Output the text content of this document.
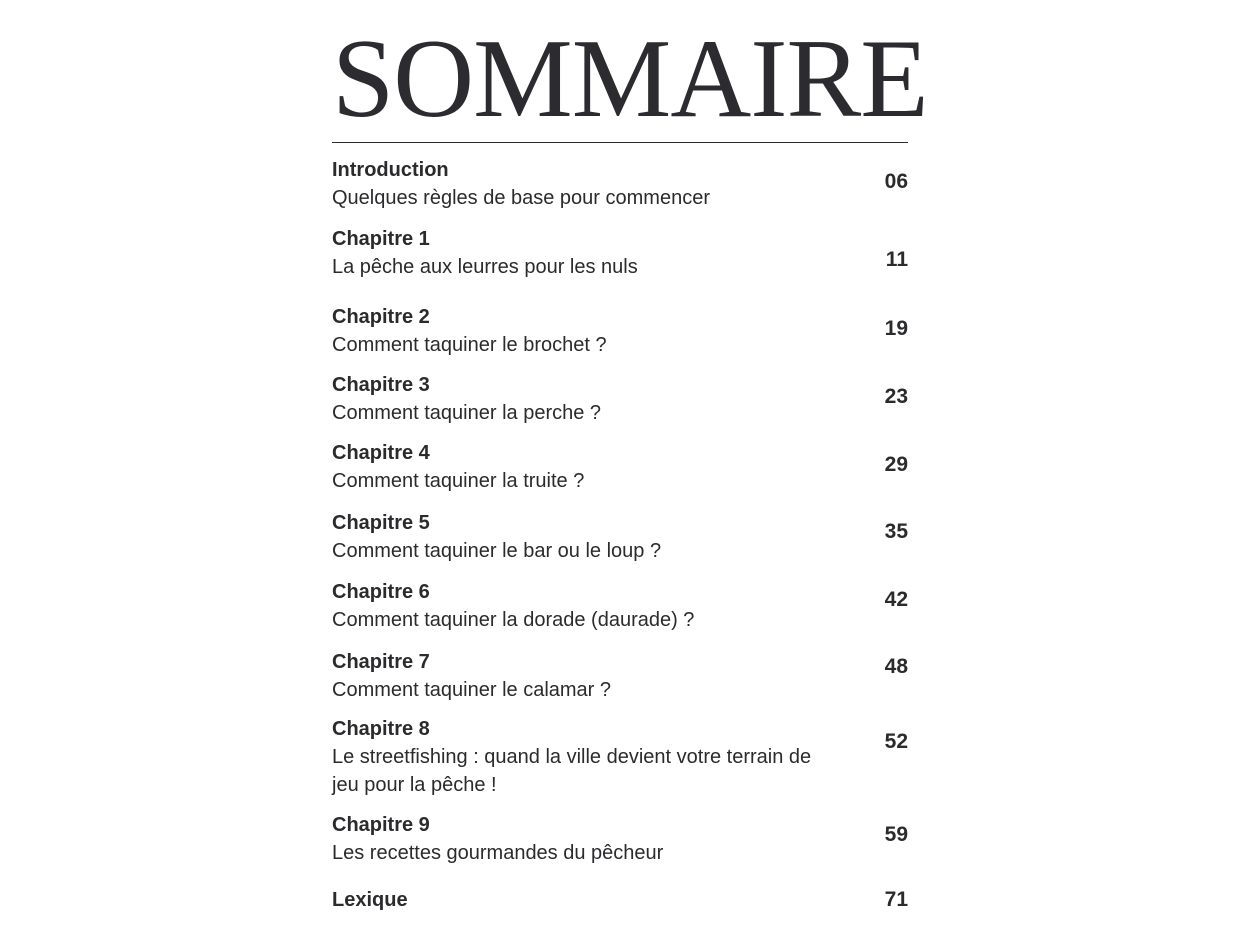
SOMMAIRE
Introduction
Quelques règles de base pour commencer
06
Chapitre 1
La pêche aux leurres pour les nuls	11
Chapitre 2
Comment taquiner le brochet ?
19
Chapitre 3
Comment taquiner la perche ?
23
Chapitre 4
Comment taquiner la truite ?
29
Chapitre 5
Comment taquiner le bar ou le loup ?
35
Chapitre 6
Comment taquiner la dorade (daurade) ?
42
Chapitre 7
Comment taquiner le calamar ?
48
Chapitre 8
Le streetfishing : quand la ville devient votre terrain de jeu pour la pêche !
52
Chapitre 9
Les recettes gourmandes du pêcheur
59
Lexique	71
